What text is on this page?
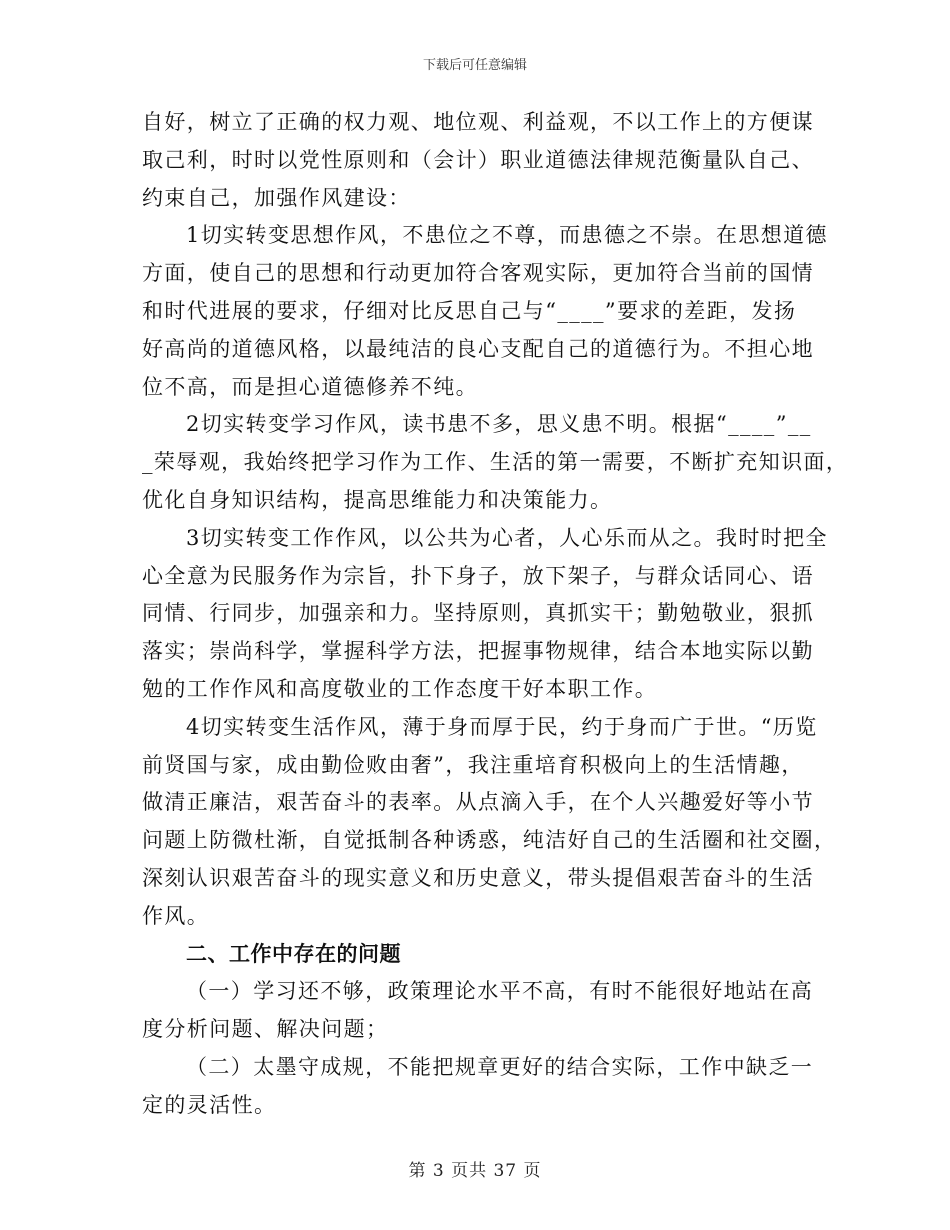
下载后可任意编辑
自好，树立了正确的权力观、地位观、利益观，不以工作上的方便谋
取己利，时时以党性原则和（会计）职业道德法律规范衡量队自己、
约束自己，加强作风建设：
1切实转变思想作风，不患位之不尊，而患德之不崇。在思想道德
方面，使自己的思想和行动更加符合客观实际，更加符合当前的国情
和时代进展的要求，仔细对比反思自己与“____”要求的差距，发扬
好高尚的道德风格，以最纯洁的良心支配自己的道德行为。不担心地
位不高，而是担心道德修养不纯。
2切实转变学习作风，读书患不多，思义患不明。根据“____”__
_荣辱观，我始终把学习作为工作、生活的第一需要，不断扩充知识面，
优化自身知识结构，提高思维能力和决策能力。
3切实转变工作作风，以公共为心者，人心乐而从之。我时时把全
心全意为民服务作为宗旨，扑下身子，放下架子，与群众话同心、语
同情、行同步，加强亲和力。坚持原则，真抓实干；勤勉敬业，狠抓
落实；崇尚科学，掌握科学方法，把握事物规律，结合本地实际以勤
勉的工作作风和高度敬业的工作态度干好本职工作。
4切实转变生活作风，薄于身而厚于民，约于身而广于世。“历览
前贤国与家，成由勤俭败由奢”，我注重培育积极向上的生活情趣，
做清正廉洁，艰苦奋斗的表率。从点滴入手，在个人兴趣爱好等小节
问题上防微杜渐，自觉抵制各种诱惑，纯洁好自己的生活圈和社交圈，
深刻认识艰苦奋斗的现实意义和历史意义，带头提倡艰苦奋斗的生活
作风。
二、工作中存在的问题
（一）学习还不够，政策理论水平不高，有时不能很好地站在高
度分析问题、解决问题；
（二）太墨守成规，不能把规章更好的结合实际，工作中缺乏一
定的灵活性。
第 3 页共 37 页
